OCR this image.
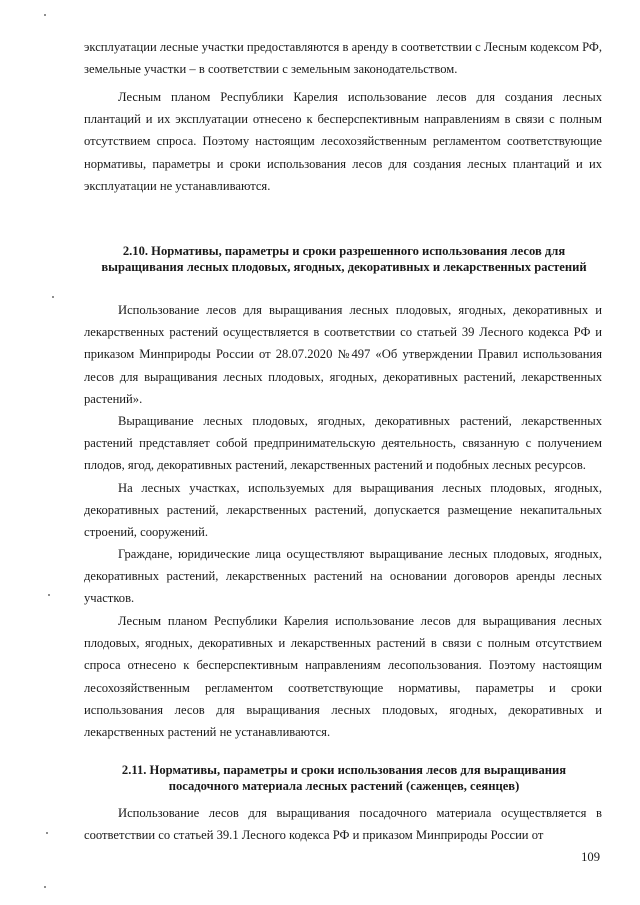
эксплуатации лесные участки предоставляются в аренду в соответствии с Лесным кодексом РФ, земельные участки – в соответствии с земельным законодательством.

Лесным планом Республики Карелия использование лесов для создания лесных плантаций и их эксплуатации отнесено к бесперспективным направлениям в связи с полным отсутствием спроса. Поэтому настоящим лесохозяйственным регламентом соответствующие нормативы, параметры и сроки использования лесов для создания лесных плантаций и их эксплуатации не устанавливаются.

2.10. Нормативы, параметры и сроки разрешенного использования лесов для выращивания лесных плодовых, ягодных, декоративных и лекарственных растений

Использование лесов для выращивания лесных плодовых, ягодных, декоративных и лекарственных растений осуществляется в соответствии со статьей 39 Лесного кодекса РФ и приказом Минприроды России от 28.07.2020 №497 «Об утверждении Правил использования лесов для выращивания лесных плодовых, ягодных, декоративных растений, лекарственных растений».

Выращивание лесных плодовых, ягодных, декоративных растений, лекарственных растений представляет собой предпринимательскую деятельность, связанную с получением плодов, ягод, декоративных растений, лекарственных растений и подобных лесных ресурсов.

На лесных участках, используемых для выращивания лесных плодовых, ягодных, декоративных растений, лекарственных растений, допускается размещение некапитальных строений, сооружений.

Граждане, юридические лица осуществляют выращивание лесных плодовых, ягодных, декоративных растений, лекарственных растений на основании договоров аренды лесных участков.

Лесным планом Республики Карелия использование лесов для выращивания лесных плодовых, ягодных, декоративных и лекарственных растений в связи с полным отсутствием спроса отнесено к бесперспективным направлениям лесопользования. Поэтому настоящим лесохозяйственным регламентом соответствующие нормативы, параметры и сроки использования лесов для выращивания лесных плодовых, ягодных, декоративных и лекарственных растений не устанавливаются.

2.11. Нормативы, параметры и сроки использования лесов для выращивания посадочного материала лесных растений (саженцев, сеянцев)

Использование лесов для выращивания посадочного материала осуществляется в соответствии со статьей 39.1 Лесного кодекса РФ и приказом Минприроды России от

109
